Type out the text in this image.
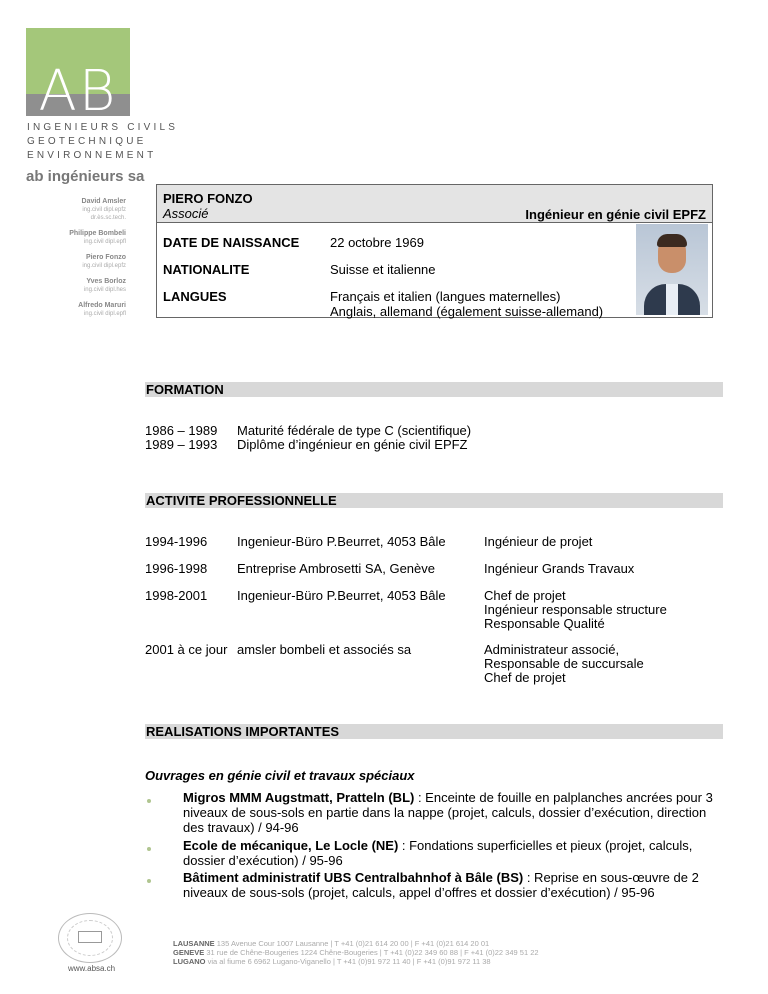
AB
INGENIEURS CIVILS
GEOTECHNIQUE
ENVIRONNEMENT
ab ingénieurs sa
David Amsler
ing.civil dipl.epfz
dr.ès.sc.tech.
Philippe Bombeli
ing.civil dipl.epfl
Piero Fonzo
ing.civil dipl.epfz
Yves Borloz
ing.civil dipl.hes
Alfredo Maruri
ing.civil dipl.epfl
PIERO FONZO
Associé	Ingénieur en génie civil EPFZ
DATE DE NAISSANCE 22 octobre 1969
NATIONALITE	Suisse et italienne
LANGUES	Français et italien (langues maternelles)
Anglais, allemand (également suisse-allemand)
FORMATION
1986 – 1989 Maturité fédérale de type C (scientifique)
1989 – 1993 Diplôme d’ingénieur en génie civil EPFZ
ACTIVITE PROFESSIONNELLE
1994-1996 Ingenieur-Büro P.Beurret, 4053 Bâle	Ingénieur de projet
1996-1998 Entreprise Ambrosetti SA, Genève	Ingénieur Grands Travaux
1998-2001 Ingenieur-Büro P.Beurret, 4053 Bâle	Chef de projet
Ingénieur responsable structure
Responsable Qualité
2001 à ce jour amsler bombeli et associés sa	Administrateur associé,
Responsable de succursale
Chef de projet
REALISATIONS IMPORTANTES
Ouvrages en génie civil et travaux spéciaux
Migros MMM Augstmatt, Pratteln (BL) : Enceinte de fouille en palplanches ancrées pour 3 niveaux de sous-sols en partie dans la nappe (projet, calculs, dossier d’exécution, direction des travaux) / 94-96
Ecole de mécanique, Le Locle (NE) : Fondations superficielles et pieux (projet, calculs, dossier d’exécution) / 95-96
Bâtiment administratif UBS Centralbahnhof à Bâle (BS) : Reprise en sous-œuvre de 2 niveaux de sous-sols (projet, calculs, appel d’offres et dossier d’exécution) / 95-96
www.absa.ch
LAUSANNE 135 Avenue Cour 1007 Lausanne | T +41 (0)21 614 20 00 | F +41 (0)21 614 20 01
GENEVE 31 rue de Chêne-Bougeries 1224 Chêne-Bougeries | T +41 (0)22 349 60 88 | F +41 (0)22 349 51 22
LUGANO via al fiume 6 6962 Lugano-Viganello | T +41 (0)91 972 11 40 | F +41 (0)91 972 11 38
